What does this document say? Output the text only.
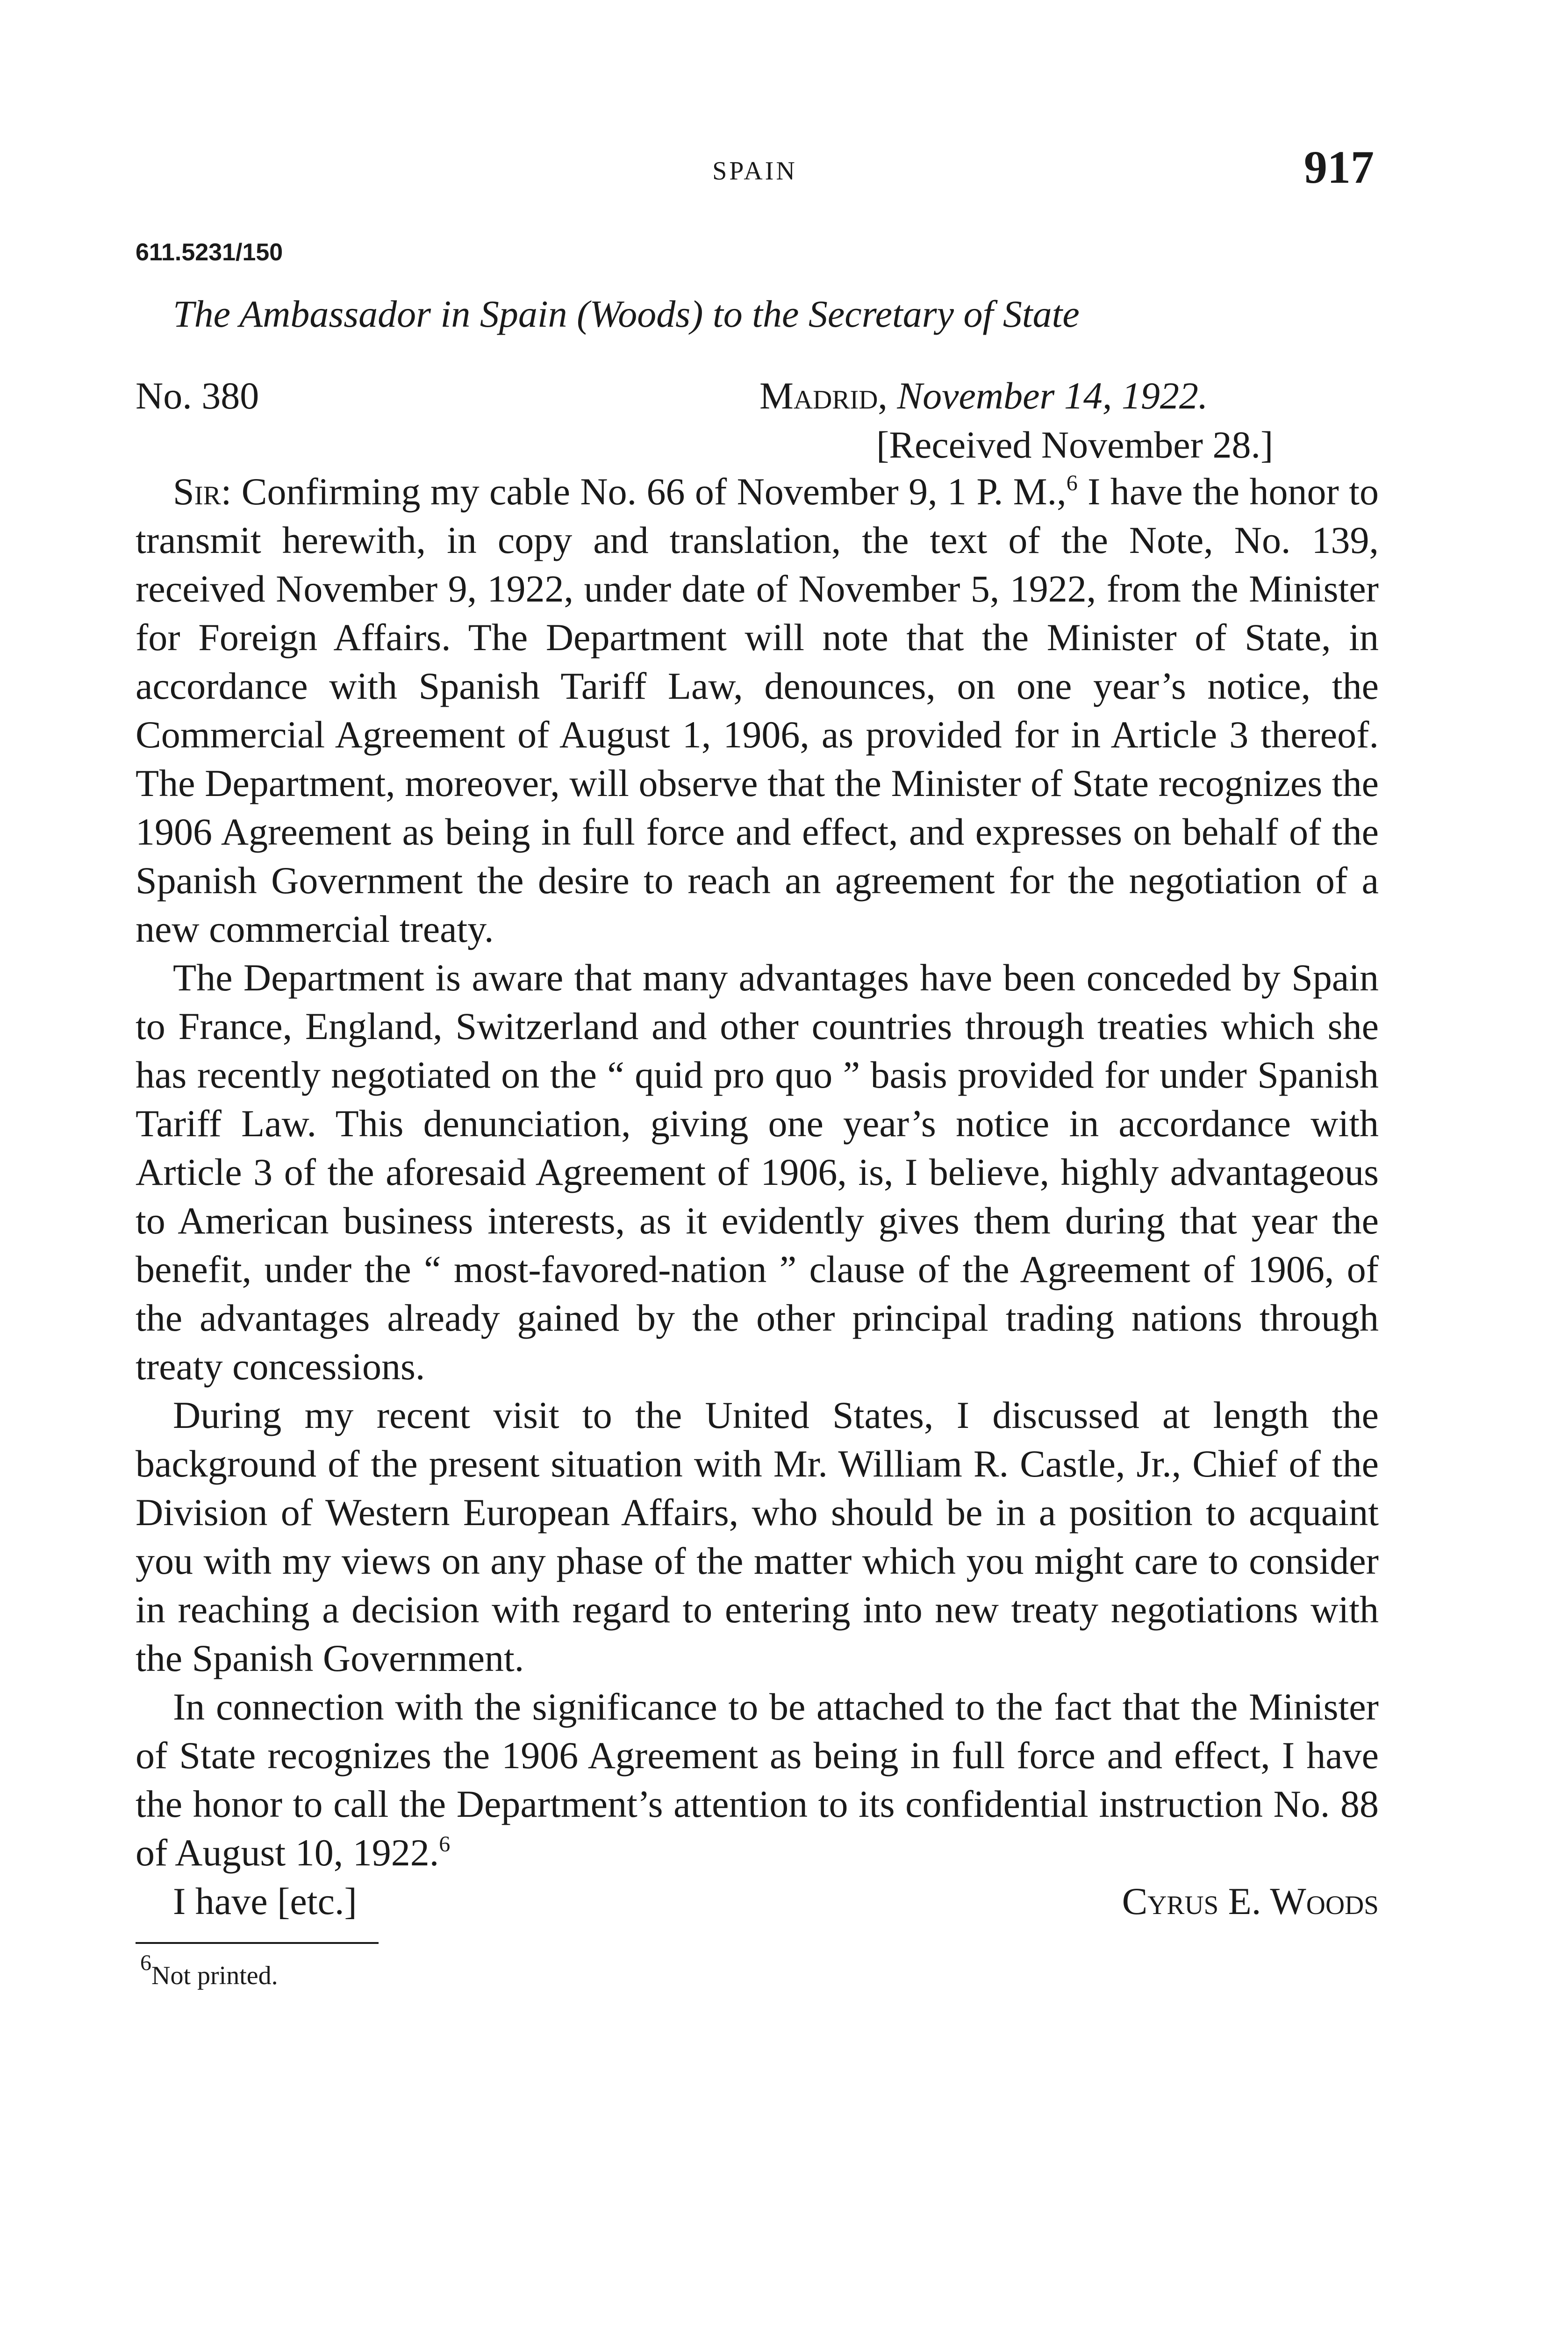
SPAIN	917
611.5231/150
The Ambassador in Spain (Woods) to the Secretary of State
No. 380	Madrid, November 14, 1922.
[Received November 28.]

Sir: Confirming my cable No. 66 of November 9, 1 P. M.,$^6$ I have the honor to transmit herewith, in copy and translation, the text of the Note, No. 139, received November 9, 1922, under date of November 5, 1922, from the Minister for Foreign Affairs. The Department will note that the Minister of State, in accordance with Spanish Tariff Law, denounces, on one year’s notice, the Commercial Agreement of August 1, 1906, as provided for in Article 3 thereof. The Department, moreover, will observe that the Minister of State recognizes the 1906 Agreement as being in full force and effect, and expresses on behalf of the Spanish Government the desire to reach an agreement for the negotiation of a new commercial treaty.

The Department is aware that many advantages have been conceded by Spain to France, England, Switzerland and other countries through treaties which she has recently negotiated on the “ quid pro quo ” basis provided for under Spanish Tariff Law. This denunciation, giving one year’s notice in accordance with Article 3 of the aforesaid Agreement of 1906, is, I believe, highly advantageous to American business interests, as it evidently gives them during that year the benefit, under the “ most-favored-nation ” clause of the Agreement of 1906, of the advantages already gained by the other principal trading nations through treaty concessions.

During my recent visit to the United States, I discussed at length the background of the present situation with Mr. William R. Castle, Jr., Chief of the Division of Western European Affairs, who should be in a position to acquaint you with my views on any phase of the matter which you might care to consider in reaching a decision with regard to entering into new treaty negotiations with the Spanish Government.

In connection with the significance to be attached to the fact that the Minister of State recognizes the 1906 Agreement as being in full force and effect, I have the honor to call the Department’s attention to its confidential instruction No. 88 of August 10, 1922.$^6$

I have [etc.]	Cyrus E. Woods
$^6$Not printed.
